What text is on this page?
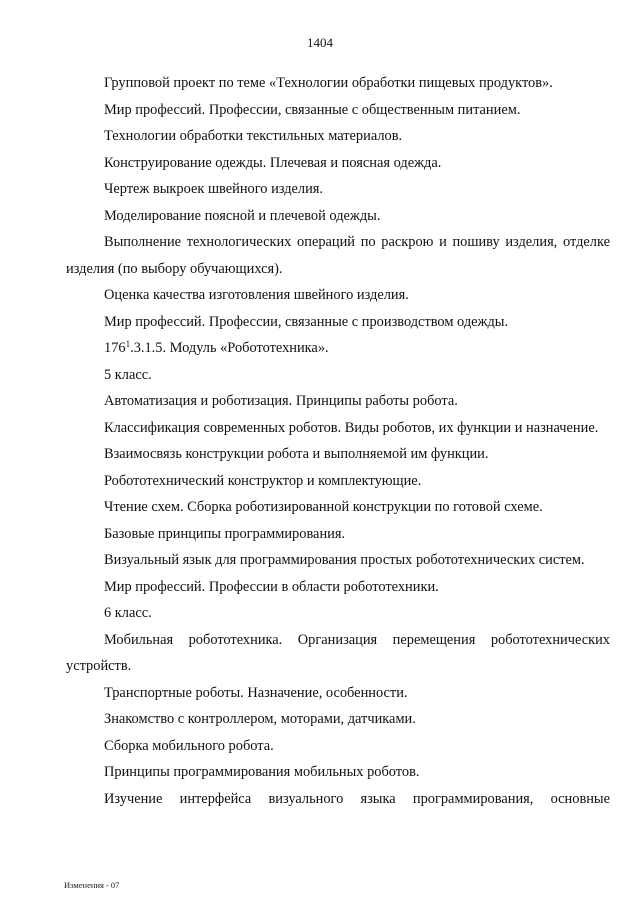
1404

Групповой проект по теме «Технологии обработки пищевых продуктов».

Мир профессий. Профессии, связанные с общественным питанием.

Технологии обработки текстильных материалов.

Конструирование одежды. Плечевая и поясная одежда.

Чертеж выкроек швейного изделия.

Моделирование поясной и плечевой одежды.

Выполнение технологических операций по раскрою и пошиву изделия, отделке изделия (по выбору обучающихся).

Оценка качества изготовления швейного изделия.

Мир профессий. Профессии, связанные с производством одежды.

$176^1.3.1.5$. Модуль «Робототехника».

5 класс.

Автоматизация и роботизация. Принципы работы робота.

Классификация современных роботов. Виды роботов, их функции и назначение.

Взаимосвязь конструкции робота и выполняемой им функции.

Робототехнический конструктор и комплектующие.

Чтение схем. Сборка роботизированной конструкции по готовой схеме.

Базовые принципы программирования.

Визуальный язык для программирования простых робототехнических систем.

Мир профессий. Профессии в области робототехники.

6 класс.

Мобильная робототехника. Организация перемещения робототехнических устройств.

Транспортные роботы. Назначение, особенности.

Знакомство с контроллером, моторами, датчиками.

Сборка мобильного робота.

Принципы программирования мобильных роботов.

Изучение интерфейса визуального языка программирования, основные

Изменения - 07
